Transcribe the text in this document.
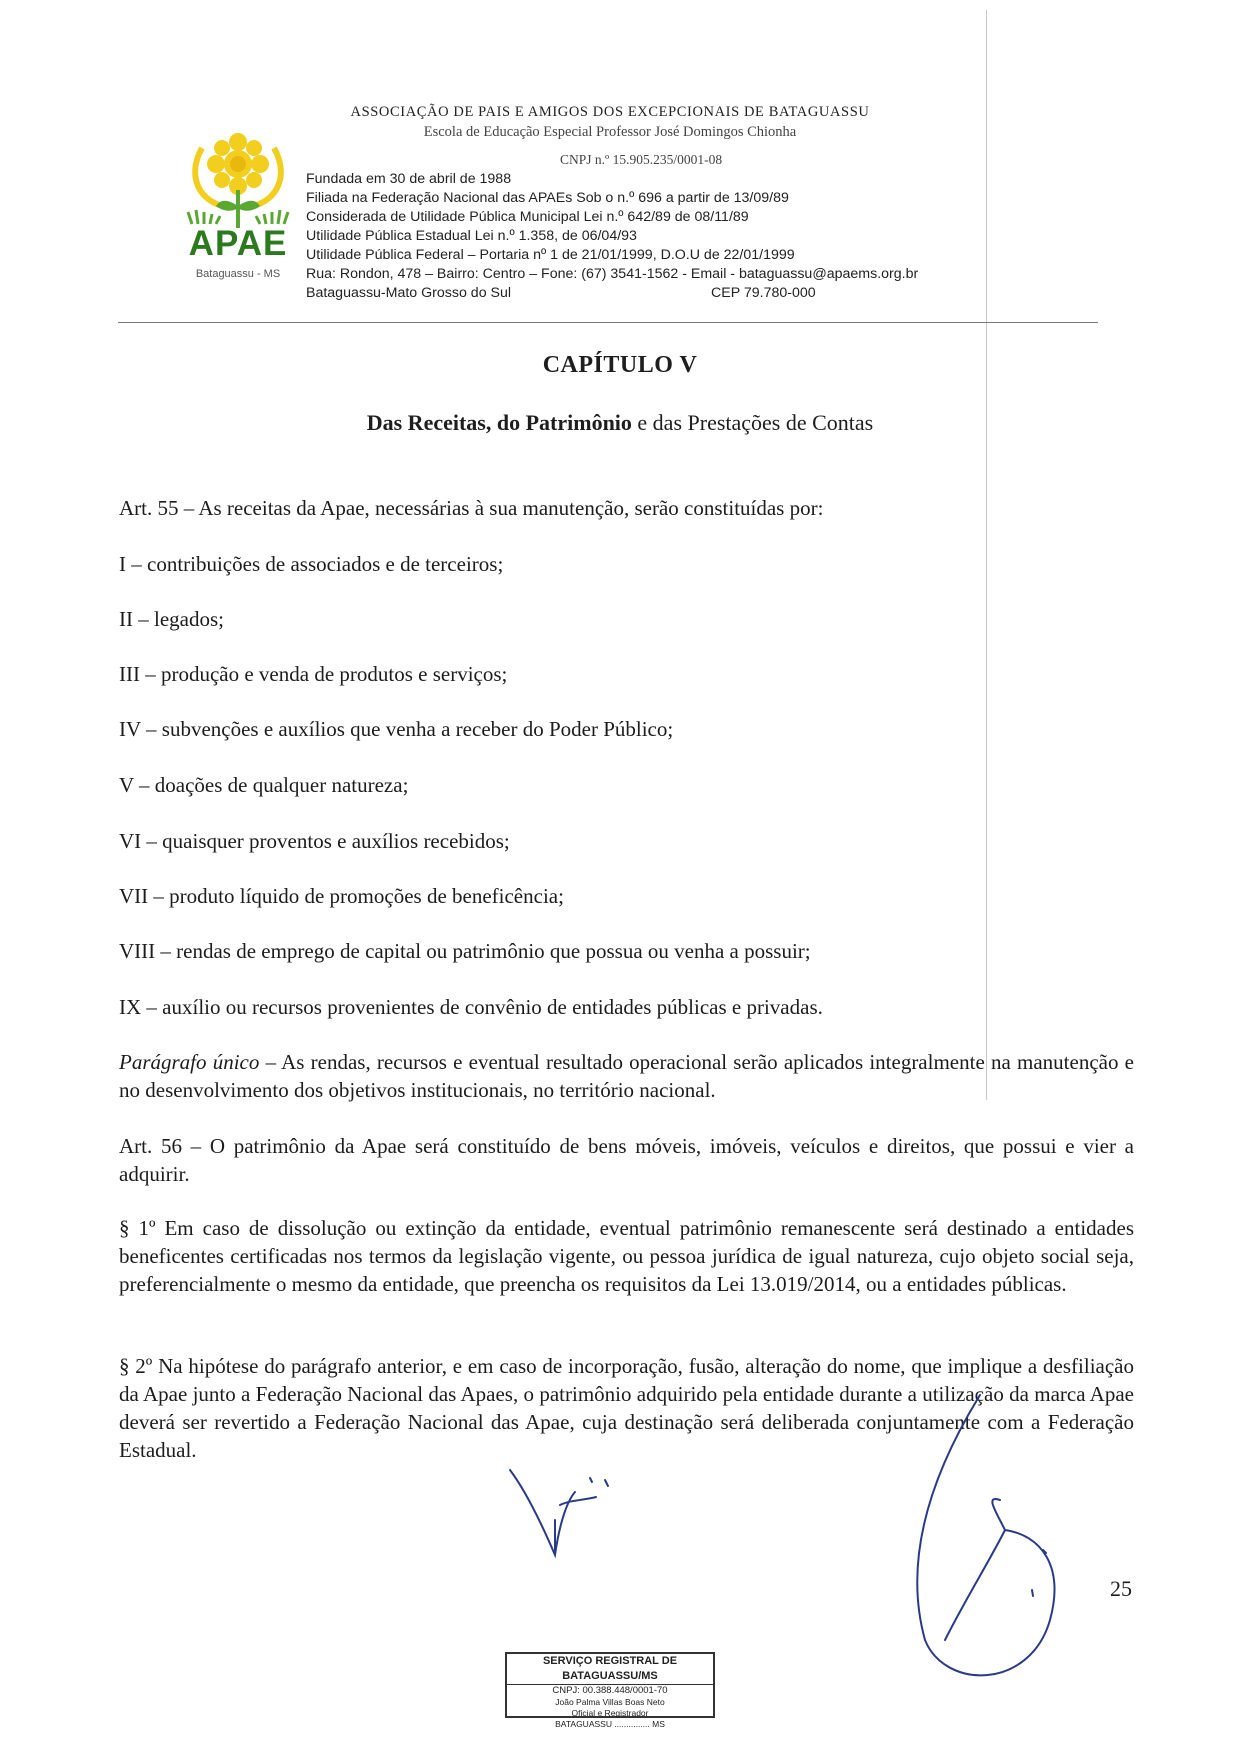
APAE
Bataguassu - MS
ASSOCIAÇÃO DE PAIS E AMIGOS DOS EXCEPCIONAIS DE BATAGUASSU
Escola de Educação Especial Professor José Domingos Chionha
CNPJ n.º 15.905.235/0001-08
Fundada em 30 de abril de 1988
Filiada na Federação Nacional das APAEs Sob o n.º 696 a partir de 13/09/89
Considerada de Utilidade Pública Municipal Lei n.º 642/89 de 08/11/89
Utilidade Pública Estadual Lei n.º 1.358, de 06/04/93
Utilidade Pública Federal – Portaria nº 1 de 21/01/1999, D.O.U de 22/01/1999
Rua: Rondon, 478 – Bairro: Centro – Fone: (67) 3541-1562 - Email - bataguassu@apaems.org.br
Bataguassu-Mato Grosso do Sul	CEP 79.780-000
CAPÍTULO V
Das Receitas, do Patrimônio e das Prestações de Contas
Art. 55 – As receitas da Apae, necessárias à sua manutenção, serão constituídas por:
I – contribuições de associados e de terceiros;
II – legados;
III – produção e venda de produtos e serviços;
IV – subvenções e auxílios que venha a receber do Poder Público;
V – doações de qualquer natureza;
VI – quaisquer proventos e auxílios recebidos;
VII – produto líquido de promoções de beneficência;
VIII – rendas de emprego de capital ou patrimônio que possua ou venha a possuir;
IX – auxílio ou recursos provenientes de convênio de entidades públicas e privadas.
Parágrafo único – As rendas, recursos e eventual resultado operacional serão aplicados integralmente na manutenção e no desenvolvimento dos objetivos institucionais, no território nacional.
Art. 56 – O patrimônio da Apae será constituído de bens móveis, imóveis, veículos e direitos, que possui e vier a adquirir.
§ 1º Em caso de dissolução ou extinção da entidade, eventual patrimônio remanescente será destinado a entidades beneficentes certificadas nos termos da legislação vigente, ou pessoa jurídica de igual natureza, cujo objeto social seja, preferencialmente o mesmo da entidade, que preencha os requisitos da Lei 13.019/2014, ou a entidades públicas.
§ 2º Na hipótese do parágrafo anterior, e em caso de incorporação, fusão, alteração do nome, que implique a desfiliação da Apae junto a Federação Nacional das Apaes, o patrimônio adquirido pela entidade durante a utilização da marca Apae deverá ser revertido a Federação Nacional das Apae, cuja destinação será deliberada conjuntamente com a Federação Estadual.
25
SERVIÇO REGISTRAL DE BATAGUASSU/MS
CNPJ: 00.388.448/0001-70
João Palma Villas Boas Neto
Oficial e Registrador
BATAGUASSU ............... MS
